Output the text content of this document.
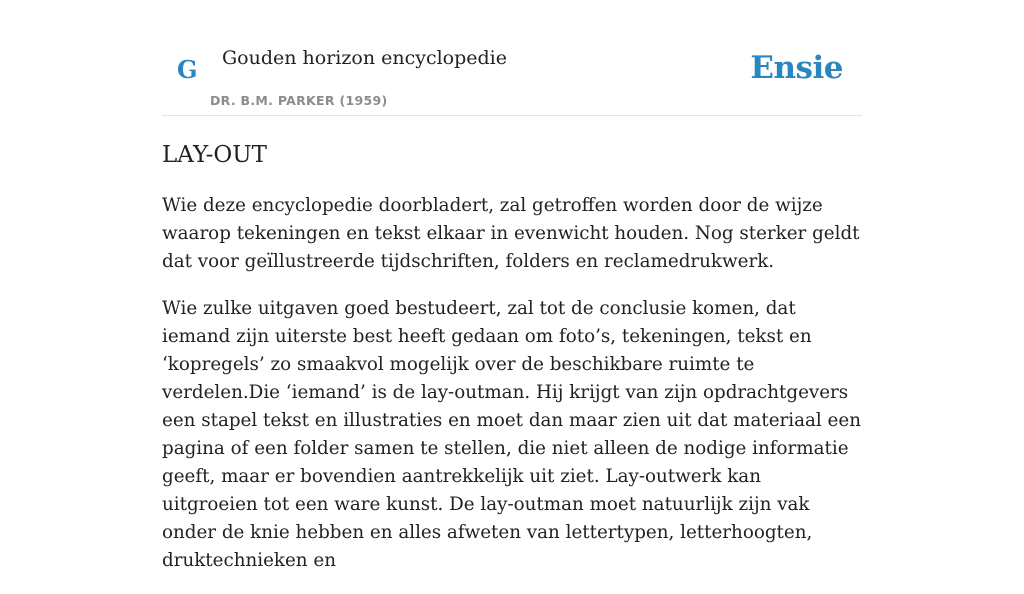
G Gouden horizon encyclopedie
DR. B.M. PARKER (1959)
Ensie
LAY-OUT

Wie deze encyclopedie doorbladert, zal getroffen worden door de wijze waarop tekeningen en tekst elkaar in evenwicht houden. Nog sterker geldt dat voor geïllustreerde tijdschriften, folders en reclamedrukwerk.

Wie zulke uitgaven goed bestudeert, zal tot de conclusie komen, dat iemand zijn uiterste best heeft gedaan om foto’s, tekeningen, tekst en ‘kopregels’ zo smaakvol mogelijk over de beschikbare ruimte te verdelen.Die ‘iemand’ is de lay-outman. Hij krijgt van zijn opdrachtgevers een stapel tekst en illustraties en moet dan maar zien uit dat materiaal een pagina of een folder samen te stellen, die niet alleen de nodige informatie geeft, maar er bovendien aantrekkelijk uit ziet. Lay-outwerk kan uitgroeien tot een ware kunst. De lay-outman moet natuurlijk zijn vak onder de knie hebben en alles afweten van lettertypen, letterhoogten, druktechnieken en
